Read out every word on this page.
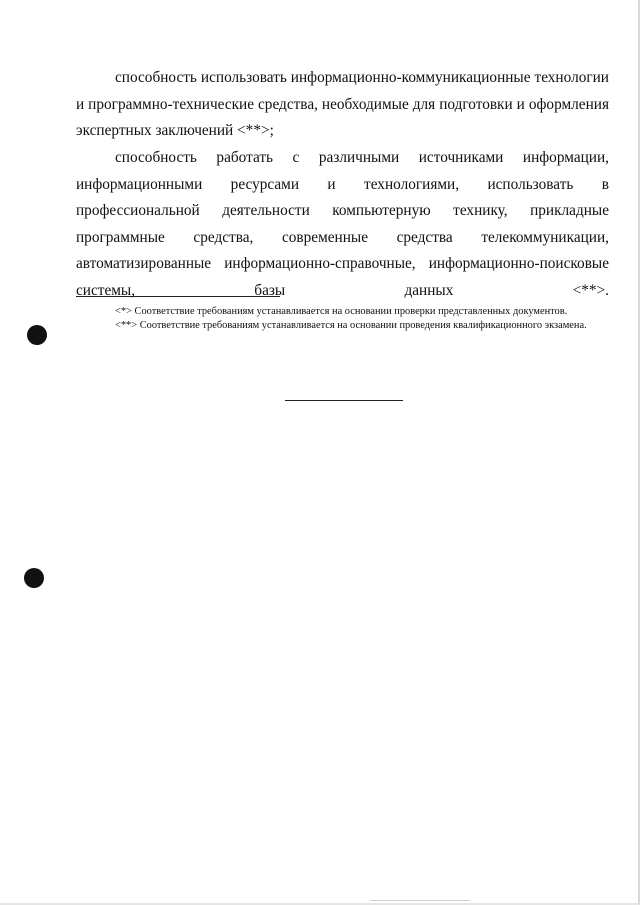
способность использовать информационно-коммуникационные технологии и программно-технические средства, необходимые для подготовки и оформления экспертных заключений <**>;

способность работать с различными источниками информации, информационными ресурсами и технологиями, использовать в профессиональной деятельности компьютерную технику, прикладные программные средства, современные средства телекоммуникации, автоматизированные информационно-справочные, информационно-поисковые системы, базы данных <**>.

<*> Соответствие требованиям устанавливается на основании проверки представленных документов.

<**> Соответствие требованиям устанавливается на основании проведения квалификационного экзамена.
